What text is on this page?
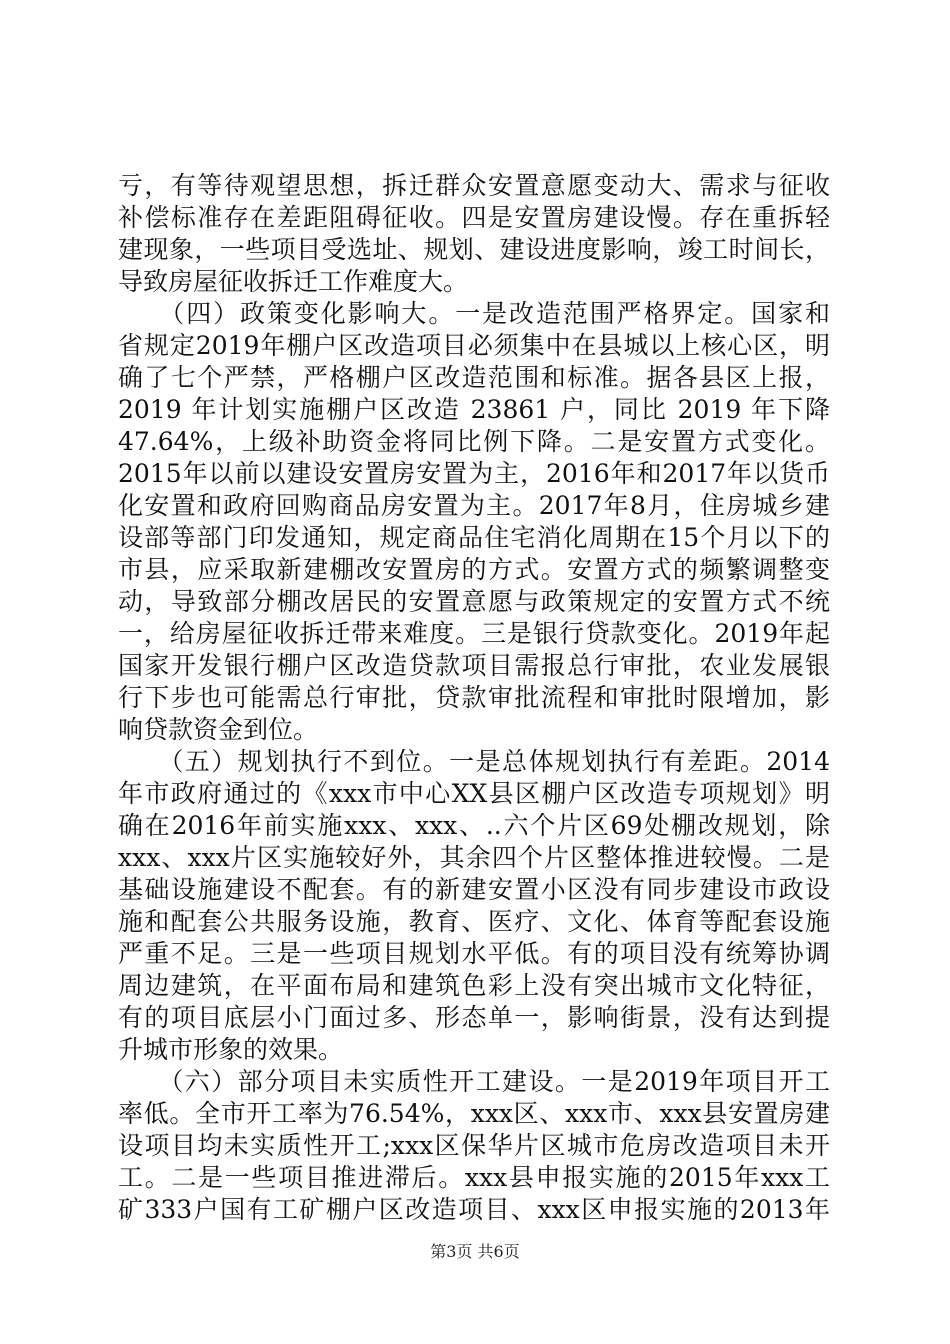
亏，有等待观望思想，拆迁群众安置意愿变动大、需求与征收
补偿标准存在差距阻碍征收。四是安置房建设慢。存在重拆轻
建现象，一些项目受选址、规划、建设进度影响，竣工时间长，
导致房屋征收拆迁工作难度大。
　　（四）政策变化影响大。一是改造范围严格界定。国家和
省规定2019年棚户区改造项目必须集中在县城以上核心区，明
确了七个严禁，严格棚户区改造范围和标准。据各县区上报，
2019 年计划实施棚户区改造 23861 户，同比 2019 年下降
47.64%，上级补助资金将同比例下降。二是安置方式变化。
2015年以前以建设安置房安置为主，2016年和2017年以货币
化安置和政府回购商品房安置为主。2017年8月，住房城乡建
设部等部门印发通知，规定商品住宅消化周期在15个月以下的
市县，应采取新建棚改安置房的方式。安置方式的频繁调整变
动，导致部分棚改居民的安置意愿与政策规定的安置方式不统
一，给房屋征收拆迁带来难度。三是银行贷款变化。2019年起
国家开发银行棚户区改造贷款项目需报总行审批，农业发展银
行下步也可能需总行审批，贷款审批流程和审批时限增加，影
响贷款资金到位。
　　（五）规划执行不到位。一是总体规划执行有差距。2014
年市政府通过的《xxx市中心XX县区棚户区改造专项规划》明
确在2016年前实施xxx、xxx、..六个片区69处棚改规划，除
xxx、xxx片区实施较好外，其余四个片区整体推进较慢。二是
基础设施建设不配套。有的新建安置小区没有同步建设市政设
施和配套公共服务设施，教育、医疗、文化、体育等配套设施
严重不足。三是一些项目规划水平低。有的项目没有统筹协调
周边建筑，在平面布局和建筑色彩上没有突出城市文化特征，
有的项目底层小门面过多、形态单一，影响街景，没有达到提
升城市形象的效果。
　　（六）部分项目未实质性开工建设。一是2019年项目开工
率低。全市开工率为76.54%，xxx区、xxx市、xxx县安置房建
设项目均未实质性开工;xxx区保华片区城市危房改造项目未开
工。二是一些项目推进滞后。xxx县申报实施的2015年xxx工
矿333户国有工矿棚户区改造项目、xxx区申报实施的2013年
第3页 共6页
